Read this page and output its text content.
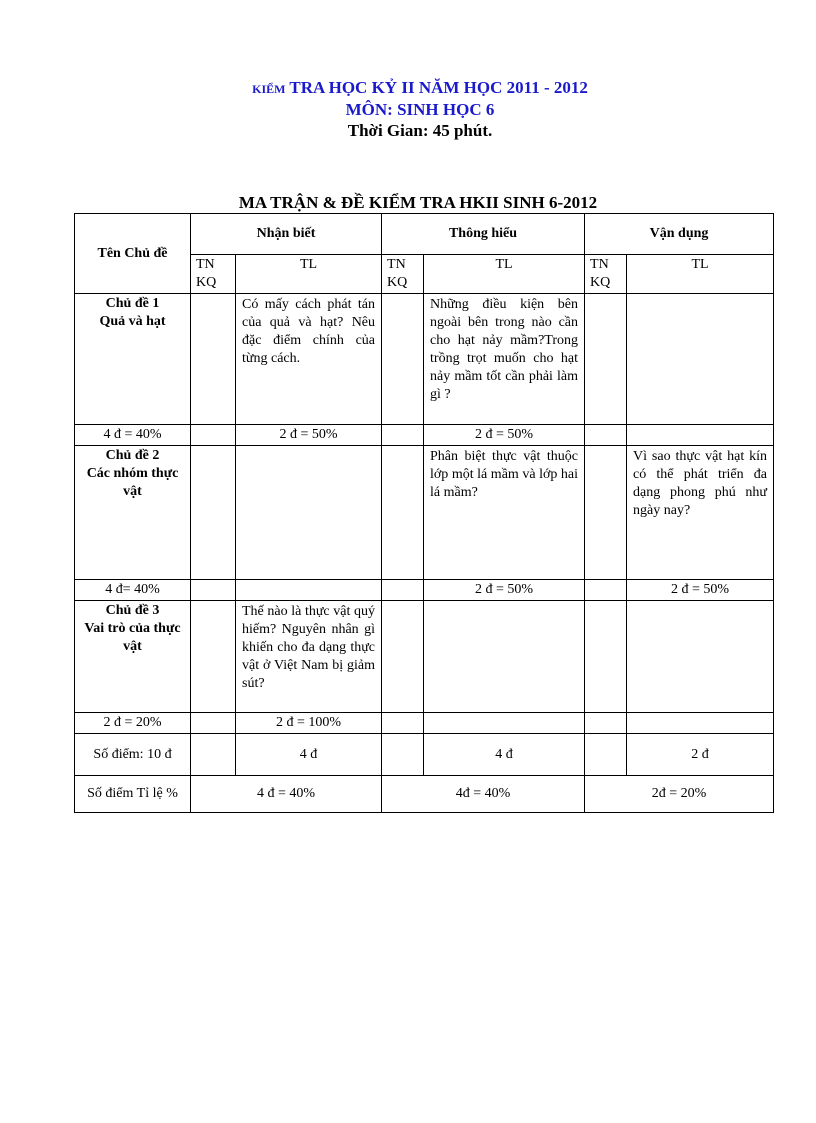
KIỂM TRA HỌC KỶ II NĂM HỌC 2011 - 2012
MÔN: SINH HỌC 6
Thời Gian: 45 phút.
MA TRẬN & ĐỀ KIỂM TRA HKII SINH 6-2012
Tên Chủ đề	Nhận biết		Thông hiểu		Vận dụng	
	TN KQ	TL	TN KQ	TL	TN KQ	TL

Chủ đề 1
Quả và hạt		Có mấy cách phát tán của quả và hạt? Nêu đặc điểm chính của từng cách.		Những điều kiện bên ngoài bên trong nào cần cho hạt nảy mầm?Trong trồng trọt muốn cho hạt nảy mầm tốt cần phải làm gì ?		
4 đ = 40%		2 đ = 50%		2 đ = 50%		

Chủ đề 2
Các nhóm thực vật				Phân biệt thực vật thuộc lớp một lá mầm và lớp hai lá mầm?		Vì sao thực vật hạt kín có thể phát triển đa dạng phong phú như ngày nay?
4 đ= 40%				2 đ = 50%		2 đ = 50%

Chủ đề 3
Vai trò của thực vật		Thế nào là thực vật quý hiếm? Nguyên nhân gì khiến cho đa dạng thực vật ở Việt Nam bị giảm sút?				
2 đ = 20%		2 đ = 100%				
Số điểm: 10 đ		4 đ		4 đ		2 đ
Số điểm Tỉ lệ %	4 đ = 40%		4đ = 40%		2đ = 20%	
